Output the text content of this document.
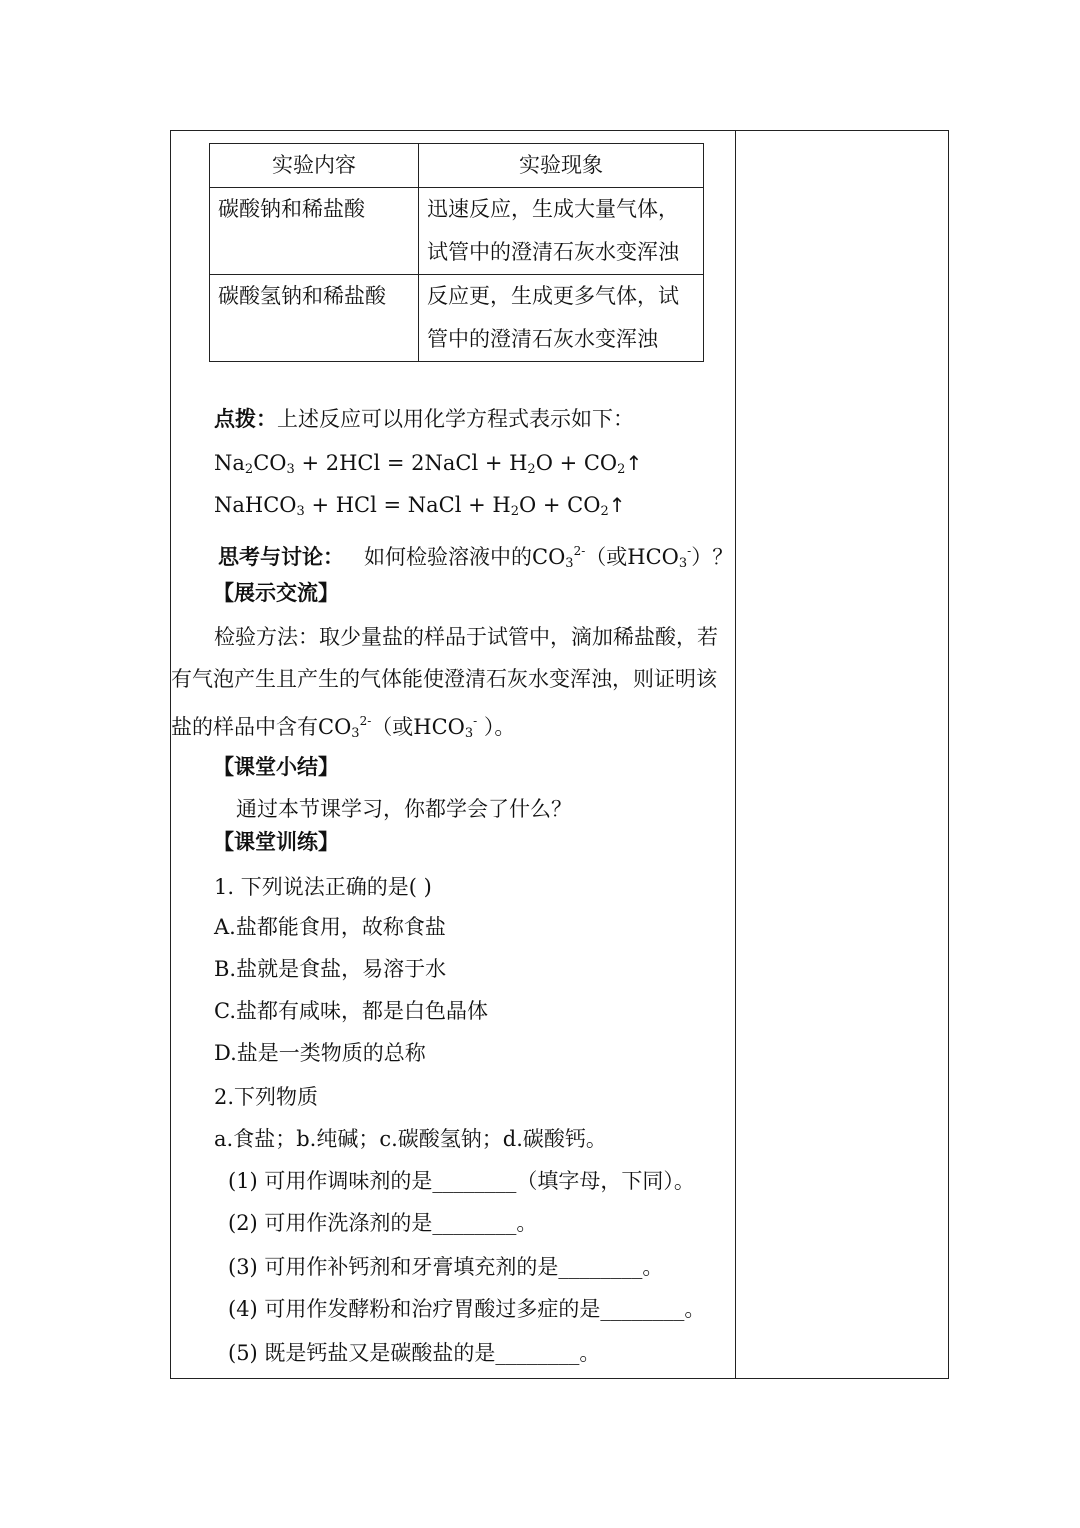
实验内容	实验现象
碳酸钠和稀盐酸	迅速反应，生成大量气体，
试管中的澄清石灰水变浑浊

碳酸氢钠和稀盐酸	反应更，生成更多气体，试
管中的澄清石灰水变浑浊
点拨：上述反应可以用化学方程式表示如下：
$Na_2CO_3 + 2HCl$ = 2NaCl + $H_2O$ + $CO_2↑$
NaHCO$_3$ + HCl = NaCl + $H_2O$ + $CO_2↑$
思考与讨论： 如何检验溶液中的$CO_3^{2-}$（或$HCO_3^-$）？
【展示交流】
检验方法：取少量盐的样品于试管中，滴加稀盐酸，若
有气泡产生且产生的气体能使澄清石灰水变浑浊，则证明该
盐的样品中含有$CO_3^{2-}$（或$HCO_3^-$ ）。
【课堂小结】
通过本节课学习，你都学会了什么？
【课堂训练】
1. 下列说法正确的是( )
A.盐都能食用，故称食盐
B.盐就是食盐，易溶于水
C.盐都有咸味，都是白色晶体
D.盐是一类物质的总称
2.下列物质
a.食盐；b.纯碱；c.碳酸氢钠；d.碳酸钙。
(1) 可用作调味剂的是________（填字母，下同）。
(2) 可用作洗涤剂的是________。
(3) 可用作补钙剂和牙膏填充剂的是________。
(4) 可用作发酵粉和治疗胃酸过多症的是________。
(5) 既是钙盐又是碳酸盐的是________。
